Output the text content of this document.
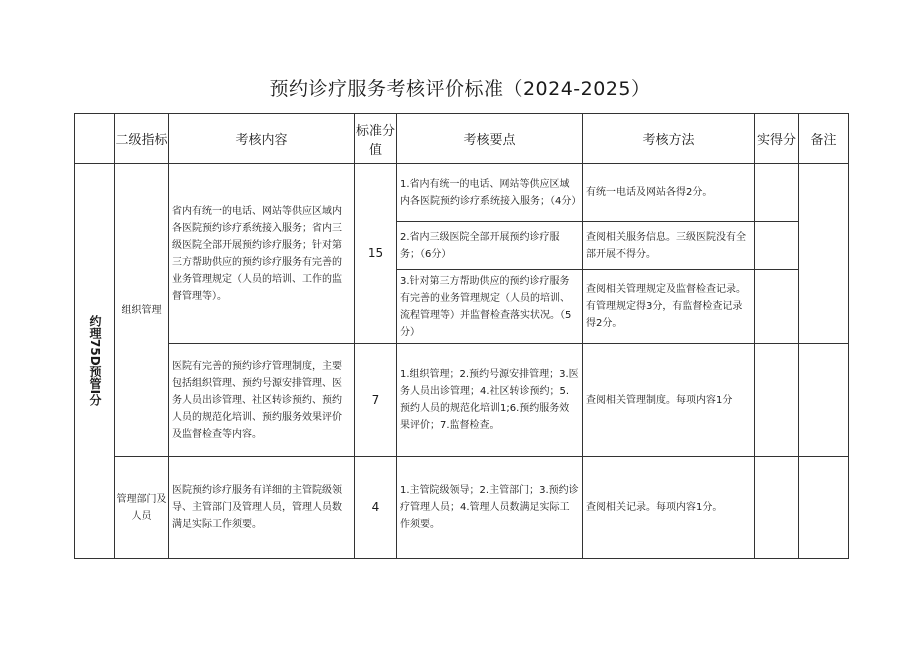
预约诊疗服务考核评价标准（2024-2025）
	二级指标	考核内容	标准分值	考核要点	考核方法	实得分	备注

约理75D预管I分	组织管理	省内有统一的电话、网站等供应区域内各医院预约诊疗系统接入服务；省内三级医院全部开展预约诊疗服务；针对第三方帮助供应的预约诊疗服务有完善的业务管理规定（人员的培训、工作的监督管理等）。	15	1.省内有统一的电话、网站等供应区域内各医院预约诊疗系统接入服务；（4分）	有统一电话及网站各得2分。		

				2.省内三级医院全部开展预约诊疗服务；（6分）	查阅相关服务信息。三级医院没有全部开展不得分。		

				3.针对第三方帮助供应的预约诊疗服务有完善的业务管理规定（人员的培训、流程管理等）并监督检查落实状况。（5分）	查阅相关管理规定及监督检查记录。有管理规定得3分，有监督检查记录得2分。		

		医院有完善的预约诊疗管理制度，主要包括组织管理、预约号源安排管理、医务人员出诊管理、社区转诊预约、预约人员的规范化培训、预约服务效果评价及监督检查等内容。	7	1.组织管理；2.预约号源安排管理；3.医务人员出诊管理；4.社区转诊预约；5.预约人员的规范化培训1;6.预约服务效果评价；7.监督检查。	查阅相关管理制度。每项内容1分		

	管理部门及人员	医院预约诊疗服务有详细的主管院级领导、主管部门及管理人员，管理人员数满足实际工作须要。	4	1.主管院级领导；2.主管部门；3.预约诊疗管理人员；4.管理人员数满足实际工作须要。	查阅相关记录。每项内容1分。		
